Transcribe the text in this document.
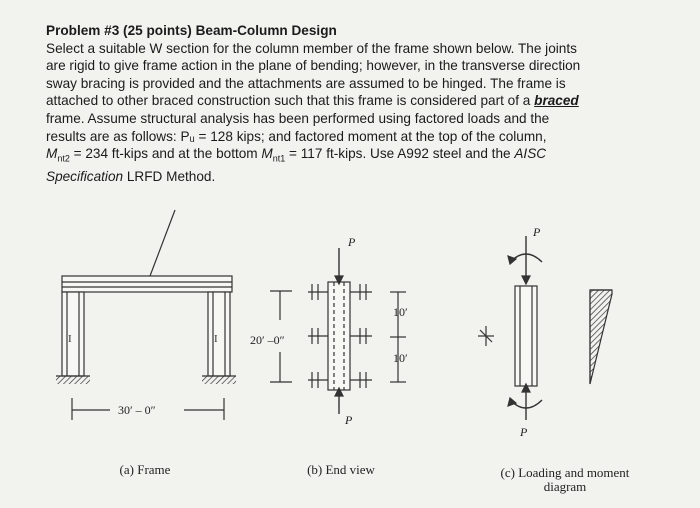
Problem #3 (25 points) Beam-Column Design
Select a suitable W section for the column member of the frame shown below. The joints
are rigid to give frame action in the plane of bending; however, in the transverse direction
sway bracing is provided and the attachments are assumed to be hinged. The frame is
attached to other braced construction such that this frame is considered part of a braced
frame. Assume structural analysis has been performed using factored loads and the
results are as follows: Pᵤ = 128 kips; and factored moment at the top of the column,
$M_{nt2} = 234$ ft-kips and at the bottom $M_{nt1} = 117$ ft-kips. Use A992 steel and the AISC
Specification LRFD Method.
I	I
30′ – 0″
20′ –0″
P
P
10′
10′
P
P
(a) Frame	(b) End view	(c) Loading and moment
diagram
